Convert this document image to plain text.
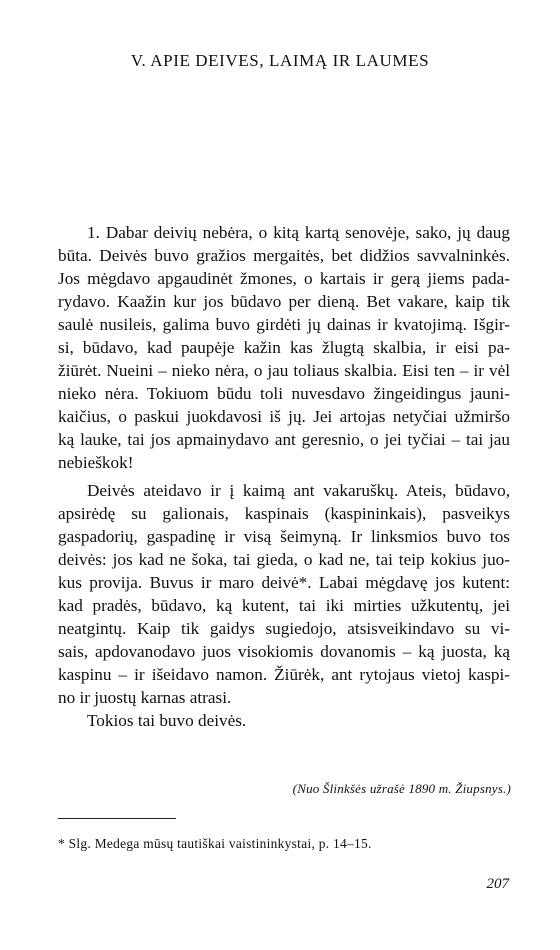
V. APIE DEIVES, LAIMĄ IR LAUMES
1. Dabar deivių nebėra, o kitą kartą senovėje, sako, jų daug
būta. Deivės buvo gražios mergaitės, bet didžios savvalninkės.
Jos mėgdavo apgaudinėt žmones, o kartais ir gerą jiems pada-
rydavo. Kaažin kur jos būdavo per dieną. Bet vakare, kaip tik
saulė nusileis, galima buvo girdėti jų dainas ir kvatojimą. Išgir-
si, būdavo, kad paupėje kažin kas žlugtą skalbia, ir eisi pa-
žiūrėt. Nueini – nieko nėra, o jau toliaus skalbia. Eisi ten – ir vėl
nieko nėra. Tokiuom būdu toli nuvesdavo žingeidingus jauni-
kaičius, o paskui juokdavosi iš jų. Jei artojas netyčiai užmiršo
ką lauke, tai jos apmainydavo ant geresnio, o jei tyčiai – tai jau
nebieškok!
Deivės ateidavo ir į kaimą ant vakaruškų. Ateis, būdavo,
apsirėdę su galionais, kaspinais (kaspininkais), pasveikys
gaspadorių, gaspadinę ir visą šeimyną. Ir linksmios buvo tos
deivės: jos kad ne šoka, tai gieda, o kad ne, tai teip kokius juo-
kus provija. Buvus ir maro deivė*. Labai mėgdavę jos kutent:
kad pradės, būdavo, ką kutent, tai iki mirties užkutentų, jei
neatgintų. Kaip tik gaidys sugiedojo, atsisveikindavo su vi-
sais, apdovanodavo juos visokiomis dovanomis – ką juosta, ką
kaspinu – ir išeidavo namon. Žiūrėk, ant rytojaus vietoj kaspi-
no ir juostų karnas atrasi.
Tokios tai buvo deivės.
(Nuo Šlinkšės užrašė 1890 m. Žiupsnys.)
* Slg. Medega mūsų tautiškai vaistininkystai, p. 14–15.
207
